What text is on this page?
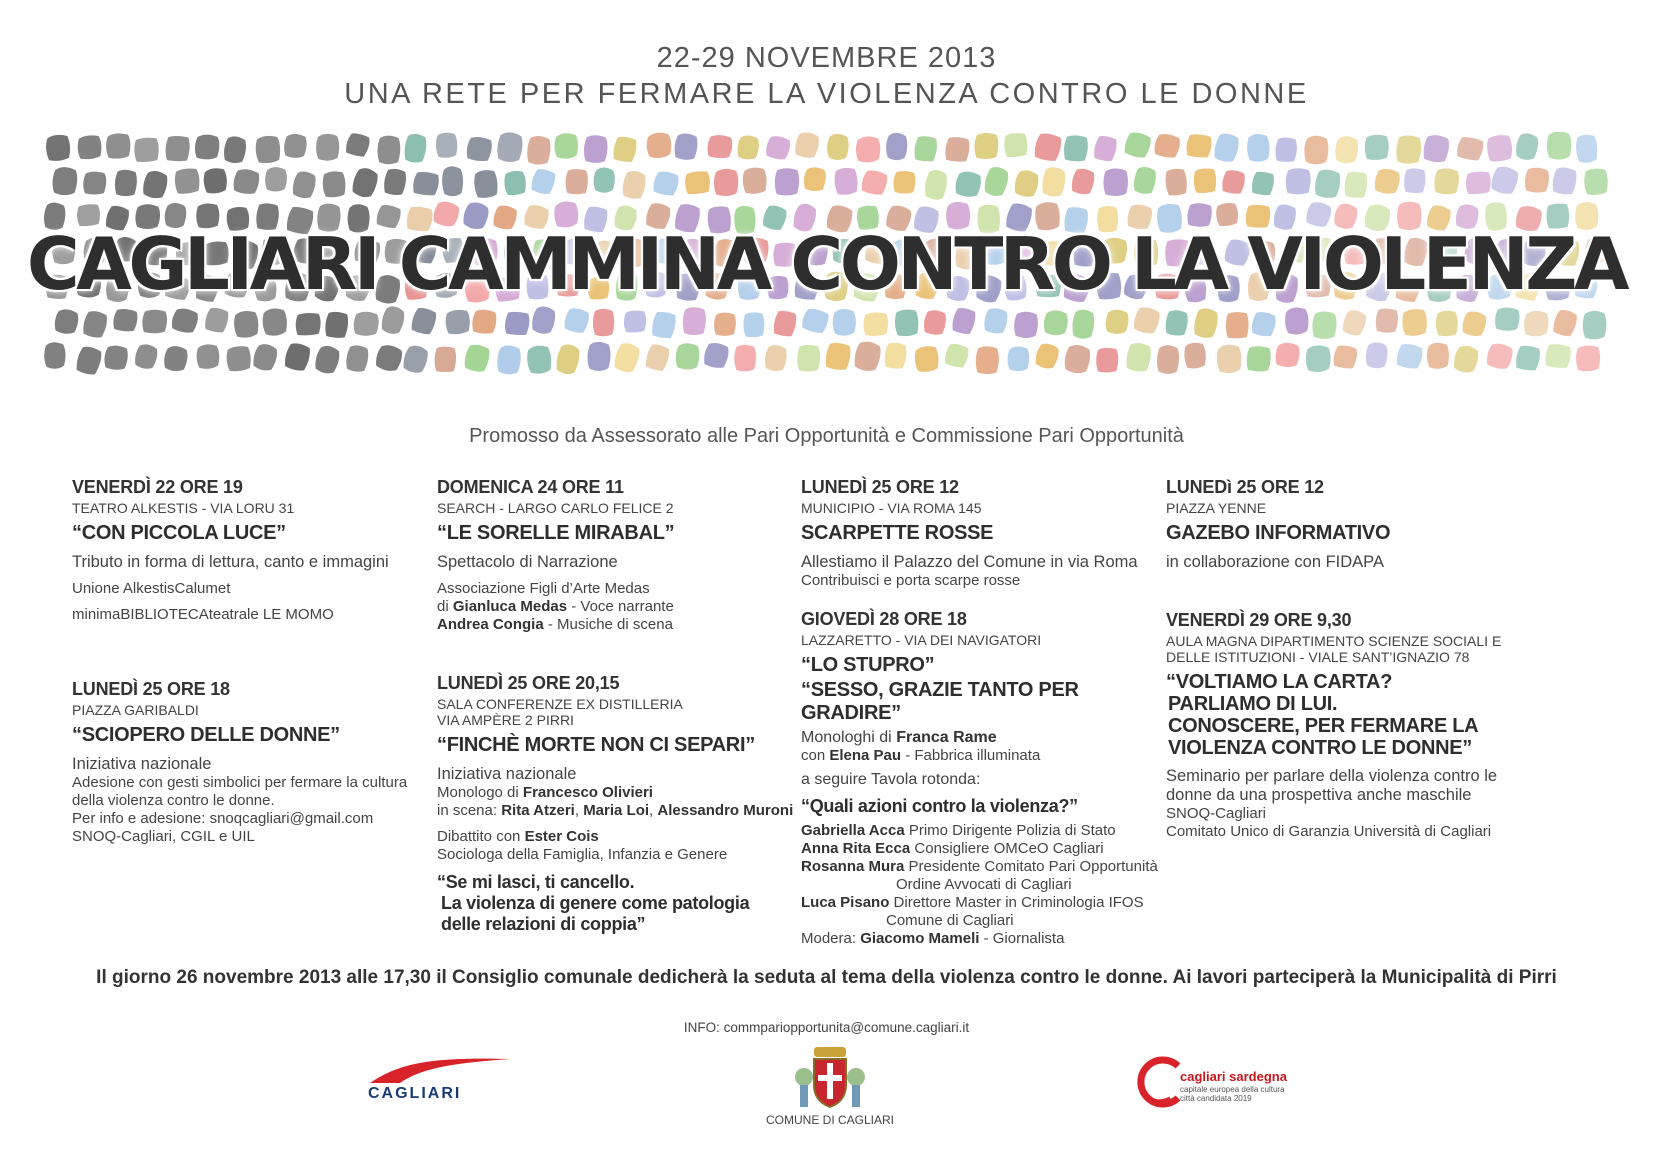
22-29 NOVEMBRE 2013
UNA RETE PER FERMARE LA VIOLENZA CONTRO LE DONNE
CAGLIARI CAMMINA CONTRO LA VIOLENZA
Promosso da Assessorato alle Pari Opportunità e Commissione Pari Opportunità
VENERDÌ 22 ORE 19
TEATRO ALKESTIS - VIA LORU 31
“CON PICCOLA LUCE”
Tributo in forma di lettura, canto e immagini
Unione AlkestisCalumet
minimaBIBLIOTECAteatrale LE MOMO
LUNEDÌ 25 ORE 18
PIAZZA GARIBALDI
“SCIOPERO DELLE DONNE”
Iniziativa nazionale
Adesione con gesti simbolici per fermare la cultura
della violenza contro le donne.
Per info e adesione: snoqcagliari@gmail.com
SNOQ-Cagliari, CGIL e UIL
DOMENICA 24 ORE 11
SEARCH - LARGO CARLO FELICE 2
“LE SORELLE MIRABAL”
Spettacolo di Narrazione
Associazione Figli d’Arte Medas
di Gianluca Medas - Voce narrante
Andrea Congia - Musiche di scena
LUNEDÌ 25 ORE 20,15
SALA CONFERENZE EX DISTILLERIA
VIA AMPÈRE 2 PIRRI
“FINCHÈ MORTE NON CI SEPARI”
Iniziativa nazionale
Monologo di Francesco Olivieri
in scena: Rita Atzeri, Maria Loi, Alessandro Muroni
Dibattito con Ester Cois
Sociologa della Famiglia, Infanzia e Genere
“Se mi lasci, ti cancello.
La violenza di genere come patologia
delle relazioni di coppia”
LUNEDÌ 25 ORE 12
MUNICIPIO - VIA ROMA 145
SCARPETTE ROSSE
Allestiamo il Palazzo del Comune in via Roma
Contribuisci e porta scarpe rosse
GIOVEDÌ 28 ORE 18
LAZZARETTO - VIA DEI NAVIGATORI
“LO STUPRO”
“SESSO, GRAZIE TANTO PER GRADIRE”
Monologhi di Franca Rame
con Elena Pau - Fabbrica illuminata
a seguire Tavola rotonda:
“Quali azioni contro la violenza?”
Gabriella Acca Primo Dirigente Polizia di Stato
Anna Rita Ecca Consigliere OMCeO Cagliari
Rosanna Mura Presidente Comitato Pari Opportunità
Ordine Avvocati di Cagliari
Luca Pisano Direttore Master in Criminologia IFOS
Comune di Cagliari
Modera: Giacomo Mameli - Giornalista
LUNEDì 25 ORE 12
PIAZZA YENNE
GAZEBO INFORMATIVO
in collaborazione con FIDAPA
VENERDÌ 29 ORE 9,30
AULA MAGNA DIPARTIMENTO SCIENZE SOCIALI E
DELLE ISTITUZIONI - VIALE SANT’IGNAZIO 78
“VOLTIAMO LA CARTA?
PARLIAMO DI LUI.
CONOSCERE, PER FERMARE LA
VIOLENZA CONTRO LE DONNE”
Seminario per parlare della violenza contro le
donne da una prospettiva anche maschile
SNOQ-Cagliari
Comitato Unico di Garanzia Università di Cagliari
Il giorno 26 novembre 2013 alle 17,30 il Consiglio comunale dedicherà la seduta al tema della violenza contro le donne. Ai lavori parteciperà la Municipalità di Pirri
INFO: commpariopportunita@comune.cagliari.it
CAGLIARI
COMUNE DI CAGLIARI
cagliari sardegna
capitale europea della cultura
città candidata 2019
